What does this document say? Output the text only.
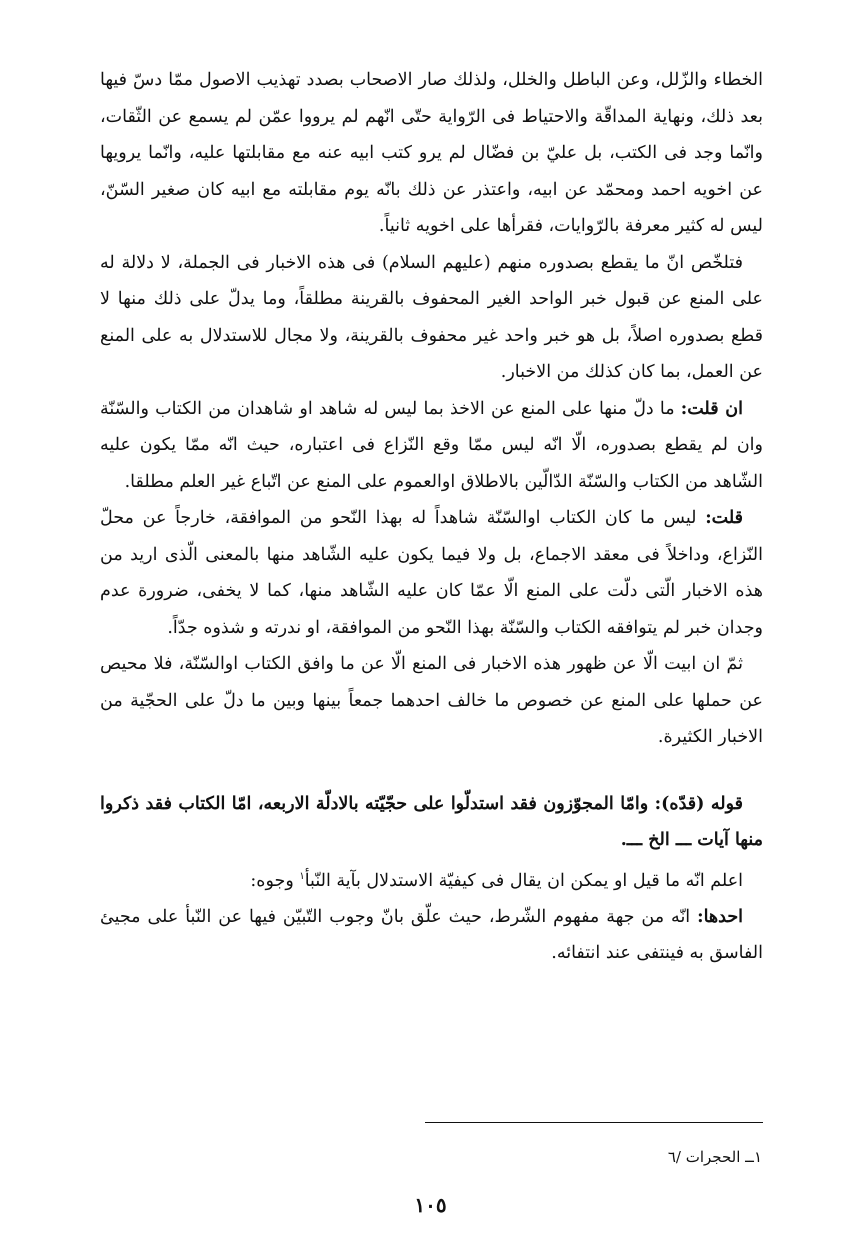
الخطاء والزّلل، وعن الباطل والخلل، ولذلك صار الاصحاب بصدد تهذيب الاصول ممّا دسّ فيها بعد ذلك، ونهاية المداقّة والاحتياط فى الرّواية حتّى انّهم لم يرووا عمّن لم يسمع عن الثّقات، وانّما وجد فى الكتب، بل عليّ بن فضّال لم يرو كتب ابيه عنه مع مقابلتها عليه، وانّما يرويها عن اخويه احمد ومحمّد عن ابيه، واعتذر عن ذلك بانّه يوم مقابلته مع ابيه كان صغير السّنّ، ليس له كثير معرفة بالرّوايات، فقرأها على اخويه ثانياً.

فتلخّص انّ ما يقطع بصدوره منهم (عليهم السلام) فى هذه الاخبار فى الجملة، لا دلالة له على المنع عن قبول خبر الواحد الغير المحفوف بالقرينة مطلقاً، وما يدلّ على ذلك منها لا قطع بصدوره اصلاً، بل هو خبر واحد غير محفوف بالقرينة، ولا مجال للاستدلال به على المنع عن العمل، بما كان كذلك من الاخبار.

ان قلت: ما دلّ منها على المنع عن الاخذ بما ليس له شاهد او شاهدان من الكتاب والسّنّة وان لم يقطع بصدوره، الّا انّه ليس ممّا وقع النّزاع فى اعتباره، حيث انّه ممّا يكون عليه الشّاهد من الكتاب والسّنّة الدّالّين بالاطلاق اوالعموم على المنع عن اتّباع غير العلم مطلقا.

قلت: ليس ما كان الكتاب اوالسّنّة شاهداً له بهذا النّحو من الموافقة، خارجاً عن محلّ النّزاع، وداخلاً فى معقد الاجماع، بل ولا فيما يكون عليه الشّاهد منها بالمعنى الّذى اريد من هذه الاخبار الّتى دلّت على المنع الّا عمّا كان عليه الشّاهد منها، كما لا يخفى، ضرورة عدم وجدان خبر لم يتوافقه الكتاب والسّنّة بهذا النّحو من الموافقة، او ندرته و شذوه جدّاً.

ثمّ ان ابيت الّا عن ظهور هذه الاخبار فى المنع الّا عن ما وافق الكتاب اوالسّنّة، فلا محيص عن حملها على المنع عن خصوص ما خالف احدهما جمعاً بينها وبين ما دلّ على الحجّية من الاخبار الكثيرة.

قوله (قدّه): وامّا المجوّزون فقد استدلّوا على حجّيّته بالادلّة الاربعه، امّا الكتاب فقد ذكروا منها آيات ـــ الخ ـــ.

اعلم انّه ما قيل او يمكن ان يقال فى كيفيّة الاستدلال بآية النّبأ$^١$ وجوه:

احدها: انّه من جهة مفهوم الشّرط، حيث علّق بانّ وجوب التّبيّن فيها عن النّبأ على مجيئ الفاسق به فينتفى عند انتفائه.

١ــ الحجرات /٦
١٠٥
